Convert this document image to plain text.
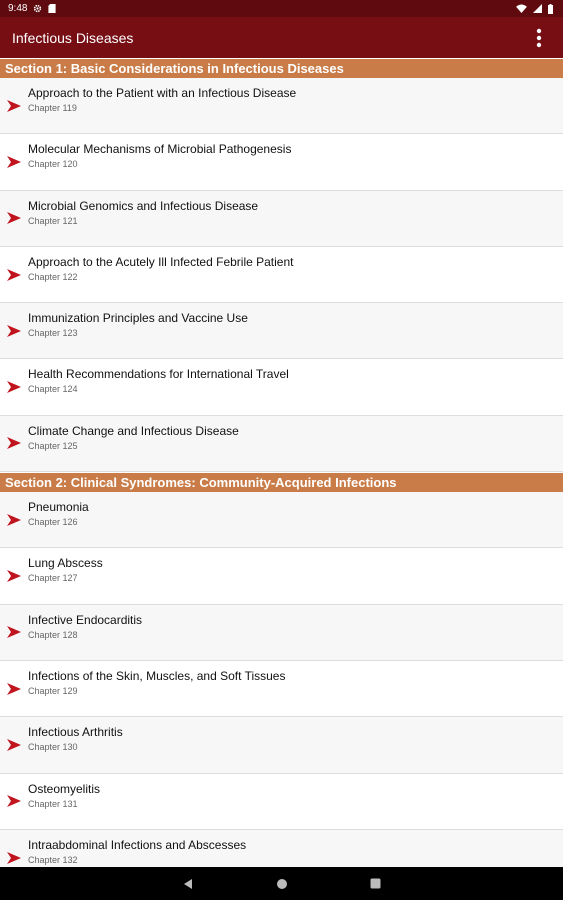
9:48
Infectious Diseases
Section 1: Basic Considerations in Infectious Diseases
Approach to the Patient with an Infectious Disease
Chapter 119
Molecular Mechanisms of Microbial Pathogenesis
Chapter 120
Microbial Genomics and Infectious Disease
Chapter 121
Approach to the Acutely Ill Infected Febrile Patient
Chapter 122
Immunization Principles and Vaccine Use
Chapter 123
Health Recommendations for International Travel
Chapter 124
Climate Change and Infectious Disease
Chapter 125
Section 2: Clinical Syndromes: Community-Acquired Infections
Pneumonia
Chapter 126
Lung Abscess
Chapter 127
Infective Endocarditis
Chapter 128
Infections of the Skin, Muscles, and Soft Tissues
Chapter 129
Infectious Arthritis
Chapter 130
Osteomyelitis
Chapter 131
Intraabdominal Infections and Abscesses
Chapter 132
